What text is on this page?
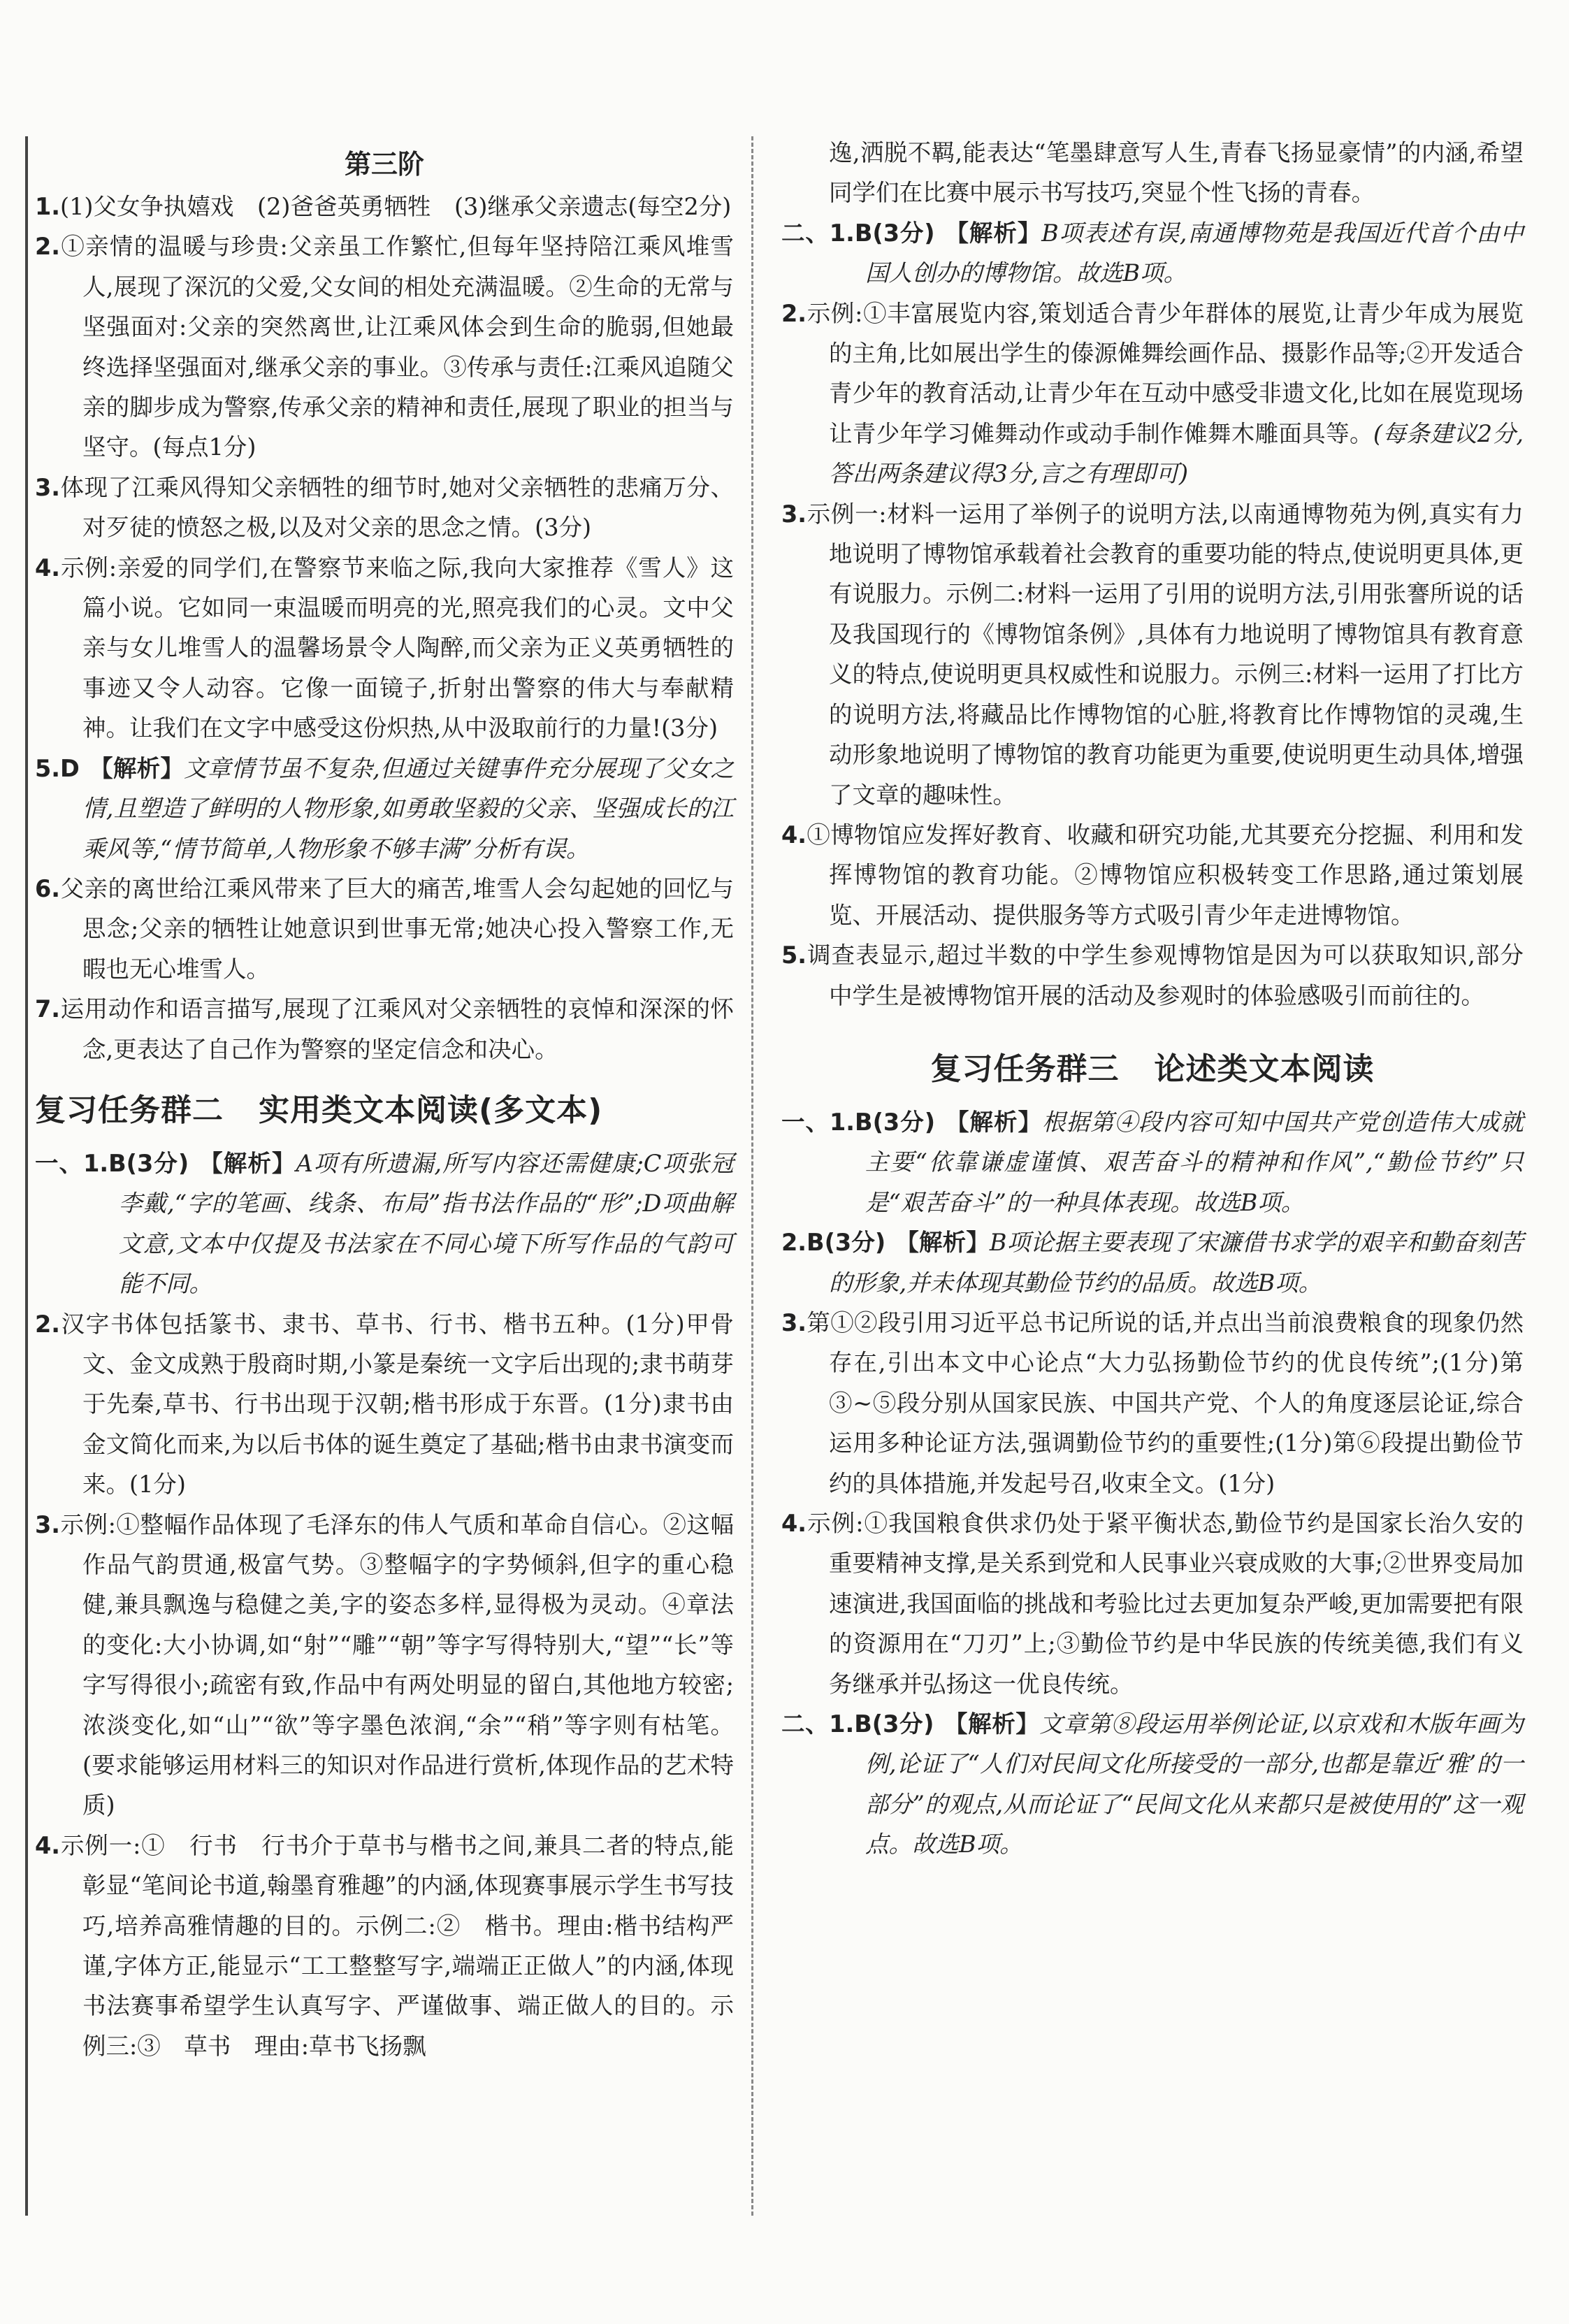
第三阶
1.(1)父女争执嬉戏　(2)爸爸英勇牺牲　(3)继承父亲遗志(每空2分)
2.①亲情的温暖与珍贵:父亲虽工作繁忙,但每年坚持陪江乘风堆雪人,展现了深沉的父爱,父女间的相处充满温暖。②生命的无常与坚强面对:父亲的突然离世,让江乘风体会到生命的脆弱,但她最终选择坚强面对,继承父亲的事业。③传承与责任:江乘风追随父亲的脚步成为警察,传承父亲的精神和责任,展现了职业的担当与坚守。(每点1分)
3.体现了江乘风得知父亲牺牲的细节时,她对父亲牺牲的悲痛万分、对歹徒的愤怒之极,以及对父亲的思念之情。(3分)
4.示例:亲爱的同学们,在警察节来临之际,我向大家推荐《雪人》这篇小说。它如同一束温暖而明亮的光,照亮我们的心灵。文中父亲与女儿堆雪人的温馨场景令人陶醉,而父亲为正义英勇牺牲的事迹又令人动容。它像一面镜子,折射出警察的伟大与奉献精神。让我们在文字中感受这份炽热,从中汲取前行的力量!(3分)
5.D 【解析】文章情节虽不复杂,但通过关键事件充分展现了父女之情,且塑造了鲜明的人物形象,如勇敢坚毅的父亲、坚强成长的江乘风等,“情节简单,人物形象不够丰满”分析有误。
6.父亲的离世给江乘风带来了巨大的痛苦,堆雪人会勾起她的回忆与思念;父亲的牺牲让她意识到世事无常;她决心投入警察工作,无暇也无心堆雪人。
7.运用动作和语言描写,展现了江乘风对父亲牺牲的哀悼和深深的怀念,更表达了自己作为警察的坚定信念和决心。
复习任务群二 实用类文本阅读(多文本)
一、1.B(3分) 【解析】A项有所遗漏,所写内容还需健康;C项张冠李戴,“字的笔画、线条、布局”指书法作品的“形”;D项曲解文意,文本中仅提及书法家在不同心境下所写作品的气韵可能不同。
2.汉字书体包括篆书、隶书、草书、行书、楷书五种。(1分)甲骨文、金文成熟于殷商时期,小篆是秦统一文字后出现的;隶书萌芽于先秦,草书、行书出现于汉朝;楷书形成于东晋。(1分)隶书由金文简化而来,为以后书体的诞生奠定了基础;楷书由隶书演变而来。(1分)
3.示例:①整幅作品体现了毛泽东的伟人气质和革命自信心。②这幅作品气韵贯通,极富气势。③整幅字的字势倾斜,但字的重心稳健,兼具飘逸与稳健之美,字的姿态多样,显得极为灵动。④章法的变化:大小协调,如“射”“雕”“朝”等字写得特别大,“望”“长”等字写得很小;疏密有致,作品中有两处明显的留白,其他地方较密;浓淡变化,如“山”“欲”等字墨色浓润,“余”“稍”等字则有枯笔。(要求能够运用材料三的知识对作品进行赏析,体现作品的艺术特质)
4.示例一:①　行书　行书介于草书与楷书之间,兼具二者的特点,能彰显“笔间论书道,翰墨育雅趣”的内涵,体现赛事展示学生书写技巧,培养高雅情趣的目的。示例二:②　楷书。理由:楷书结构严谨,字体方正,能显示“工工整整写字,端端正正做人”的内涵,体现书法赛事希望学生认真写字、严谨做事、端正做人的目的。示例三:③　草书　理由:草书飞扬飘
逸,洒脱不羁,能表达“笔墨肆意写人生,青春飞扬显豪情”的内涵,希望同学们在比赛中展示书写技巧,突显个性飞扬的青春。
二、1.B(3分) 【解析】B项表述有误,南通博物苑是我国近代首个由中国人创办的博物馆。故选B项。
2.示例:①丰富展览内容,策划适合青少年群体的展览,让青少年成为展览的主角,比如展出学生的傣源傩舞绘画作品、摄影作品等;②开发适合青少年的教育活动,让青少年在互动中感受非遗文化,比如在展览现场让青少年学习傩舞动作或动手制作傩舞木雕面具等。(每条建议2分,答出两条建议得3分,言之有理即可)
3.示例一:材料一运用了举例子的说明方法,以南通博物苑为例,真实有力地说明了博物馆承载着社会教育的重要功能的特点,使说明更具体,更有说服力。示例二:材料一运用了引用的说明方法,引用张謇所说的话及我国现行的《博物馆条例》,具体有力地说明了博物馆具有教育意义的特点,使说明更具权威性和说服力。示例三:材料一运用了打比方的说明方法,将藏品比作博物馆的心脏,将教育比作博物馆的灵魂,生动形象地说明了博物馆的教育功能更为重要,使说明更生动具体,增强了文章的趣味性。
4.①博物馆应发挥好教育、收藏和研究功能,尤其要充分挖掘、利用和发挥博物馆的教育功能。②博物馆应积极转变工作思路,通过策划展览、开展活动、提供服务等方式吸引青少年走进博物馆。
5.调查表显示,超过半数的中学生参观博物馆是因为可以获取知识,部分中学生是被博物馆开展的活动及参观时的体验感吸引而前往的。
复习任务群三 论述类文本阅读
一、1.B(3分) 【解析】根据第④段内容可知中国共产党创造伟大成就主要“依靠谦虚谨慎、艰苦奋斗的精神和作风”,“勤俭节约”只是“艰苦奋斗”的一种具体表现。故选B项。
2.B(3分) 【解析】B项论据主要表现了宋濂借书求学的艰辛和勤奋刻苦的形象,并未体现其勤俭节约的品质。故选B项。
3.第①②段引用习近平总书记所说的话,并点出当前浪费粮食的现象仍然存在,引出本文中心论点“大力弘扬勤俭节约的优良传统”;(1分)第③~⑤段分别从国家民族、中国共产党、个人的角度逐层论证,综合运用多种论证方法,强调勤俭节约的重要性;(1分)第⑥段提出勤俭节约的具体措施,并发起号召,收束全文。(1分)
4.示例:①我国粮食供求仍处于紧平衡状态,勤俭节约是国家长治久安的重要精神支撑,是关系到党和人民事业兴衰成败的大事;②世界变局加速演进,我国面临的挑战和考验比过去更加复杂严峻,更加需要把有限的资源用在“刀刃”上;③勤俭节约是中华民族的传统美德,我们有义务继承并弘扬这一优良传统。
二、1.B(3分) 【解析】文章第⑧段运用举例论证,以京戏和木版年画为例,论证了“人们对民间文化所接受的一部分,也都是靠近‘雅’的一部分”的观点,从而论证了“民间文化从来都只是被使用的”这一观点。故选B项。
